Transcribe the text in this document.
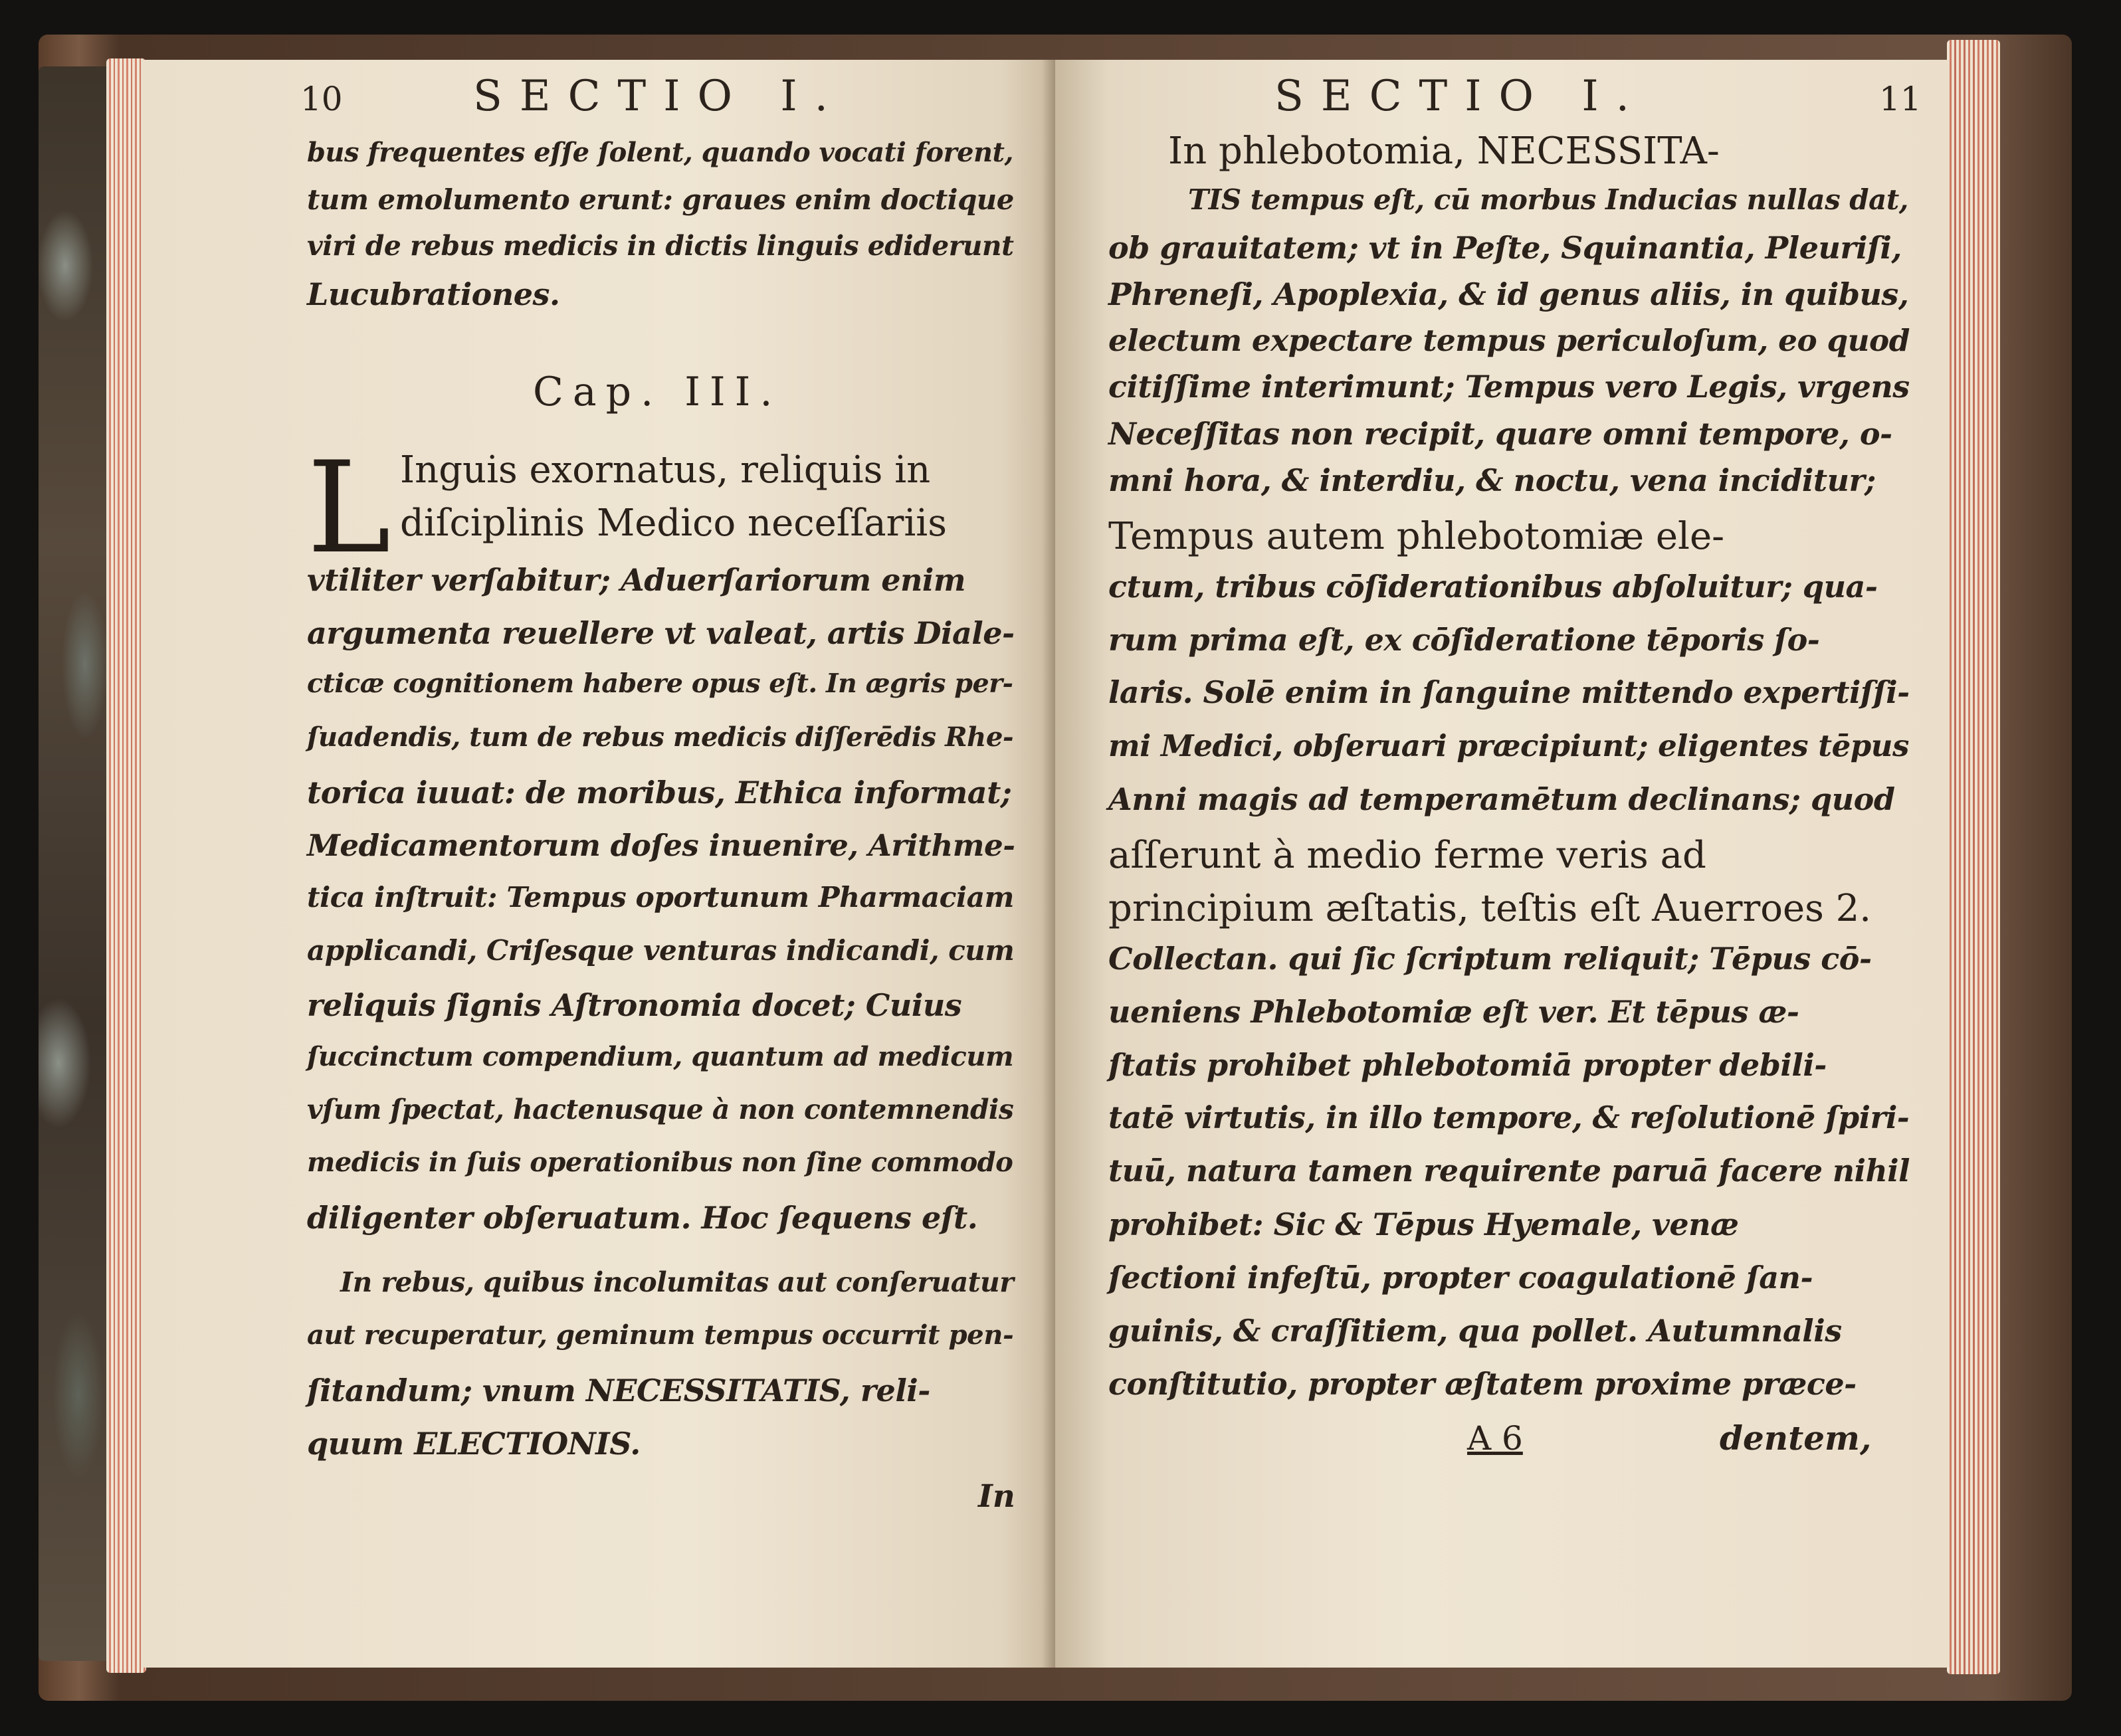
10	SECTIO I.
bus frequentes eſſe ſolent, quando vocati forent,
tum emolumento erunt: graues enim doctique
viri de rebus medicis in dictis linguis ediderunt
Lucubrationes.
Cap. III.
L Inguis exornatus, reliquis in
diſciplinis Medico neceſſariis
vtiliter verſabitur; Aduerſariorum enim
argumenta reuellere vt valeat, artis Diale-
cticæ cognitionem habere opus eſt. In ægris per-
ſuadendis, tum de rebus medicis diſſerēdis Rhe-
torica iuuat: de moribus, Ethica informat;
Medicamentorum doſes inuenire, Arithme-
tica inſtruit: Tempus oportunum Pharmaciam
applicandi, Criſesque venturas indicandi, cum
reliquis ſignis Aſtronomia docet; Cuius
ſuccinctum compendium, quantum ad medicum
vſum ſpectat, hactenusque à non contemnendis
medicis in ſuis operationibus non ſine commodo
diligenter obſeruatum. Hoc ſequens eſt.
In rebus, quibus incolumitas aut conſeruatur
aut recuperatur, geminum tempus occurrit pen-
ſitandum; vnum NECESSITATIS, reli-
quum ELECTIONIS.
In
SECTIO I.	11
In phlebotomia, NECESSITA-
TIS tempus eſt, cū morbus Inducias nullas dat,
ob grauitatem; vt in Peſte, Squinantia, Pleuriſi,
Phreneſi, Apoplexia, & id genus aliis, in quibus,
electum expectare tempus periculoſum, eo quod
citiſſime interimunt; Tempus vero Legis, vrgens
Neceſſitas non recipit, quare omni tempore, o-
mni hora, & interdiu, & noctu, vena inciditur;
Tempus autem phlebotomiæ ele-
ctum, tribus cōſiderationibus abſoluitur; qua-
rum prima eſt, ex cōſideratione tēporis ſo-
laris. Solē enim in ſanguine mittendo expertiſſi-
mi Medici, obſeruari præcipiunt; eligentes tēpus
Anni magis ad temperamētum declinans; quod
aſſerunt à medio ferme veris ad
principium æſtatis, teſtis eſt Auerroes 2.
Collectan. qui ſic ſcriptum reliquit; Tēpus cō-
ueniens Phlebotomiæ eſt ver. Et tēpus æ-
ſtatis prohibet phlebotomiā propter debili-
tatē virtutis, in illo tempore, & reſolutionē ſpiri-
tuū, natura tamen requirente paruā facere nihil
prohibet: Sic & Tēpus Hyemale, venæ
ſectioni infeſtū, propter coagulationē ſan-
guinis, & craſſitiem, qua pollet. Autumnalis
conſtitutio, propter æſtatem proxime præce-
A 6	dentem,
